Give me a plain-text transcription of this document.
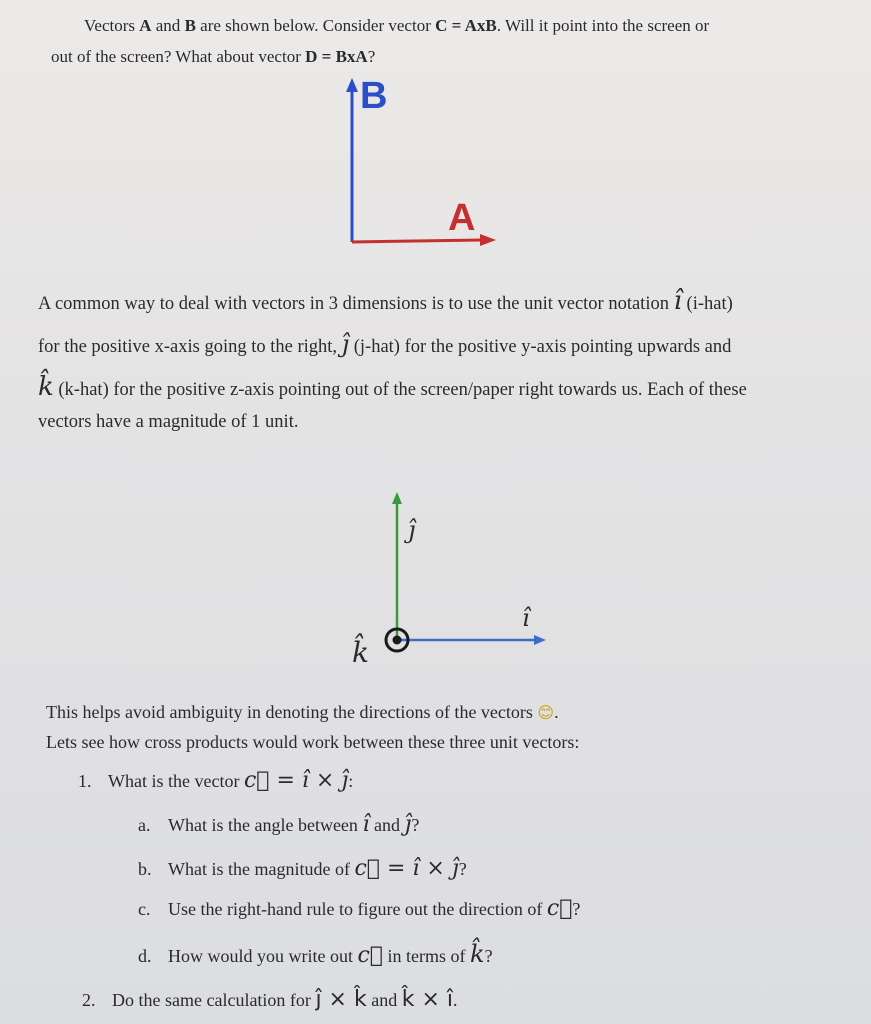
Vectors A and B are shown below. Consider vector C = AxB. Will it point into the screen or
out of the screen? What about vector D = BxA?
B
A
A common way to deal with vectors in 3 dimensions is to use the unit vector notation î (i-hat)
for the positive x-axis going to the right, ĵ (j-hat) for the positive y-axis pointing upwards and
k̂ (k-hat) for the positive z-axis pointing out of the screen/paper right towards us. Each of these
vectors have a magnitude of 1 unit.
ĵ
î
k̂
This helps avoid ambiguity in denoting the directions of the vectors 😊.
Lets see how cross products would work between these three unit vectors:
1. What is the vector c⃗ = î × ĵ:
a. What is the angle between î and ĵ?
b. What is the magnitude of c⃗ = î × ĵ?
c. Use the right-hand rule to figure out the direction of c⃗?
d. How would you write out c⃗ in terms of k̂?
2. Do the same calculation for ĵ × k̂ and k̂ × î.
